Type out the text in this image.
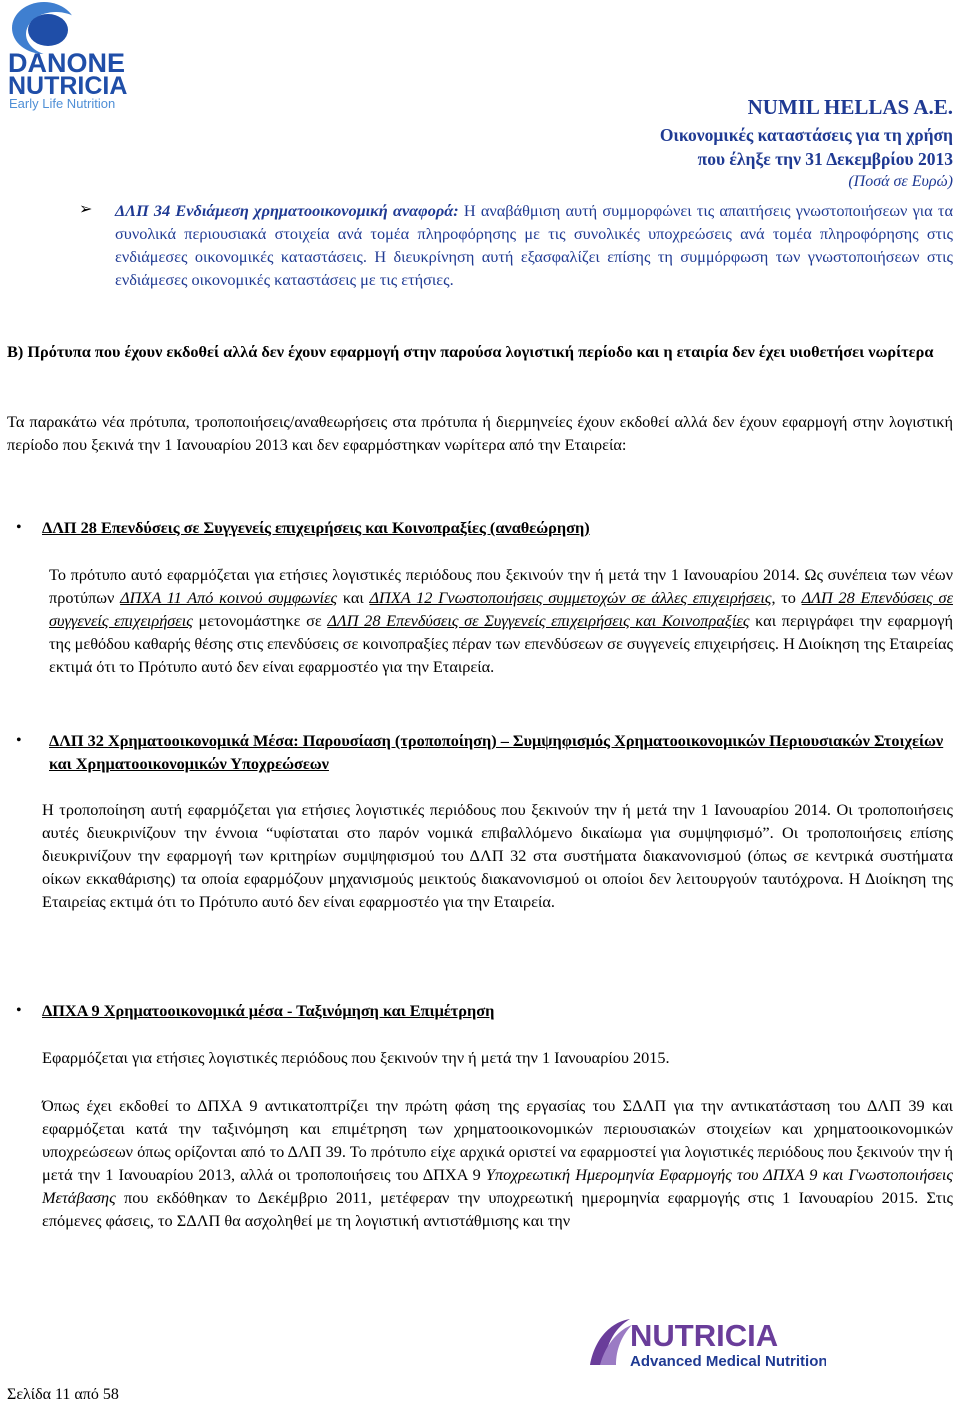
DANONE
NUTRICIA
Early Life Nutrition	NUMIL HELLAS A.E.
Οικονομικές καταστάσεις για τη χρήση
που έληξε την 31 Δεκεμβρίου 2013
(Ποσά σε Ευρώ)
➢ ΔΛΠ 34 Ενδιάμεση χρηματοοικονομική αναφορά: Η αναβάθμιση αυτή συμμορφώνει τις απαιτήσεις γνωστοποιήσεων για τα συνολικά περιουσιακά στοιχεία ανά τομέα πληροφόρησης με τις συνολικές υποχρεώσεις ανά τομέα πληροφόρησης στις ενδιάμεσες οικονομικές καταστάσεις. Η διευκρίνηση αυτή εξασφαλίζει επίσης τη συμμόρφωση των γνωστοποιήσεων στις ενδιάμεσες οικονομικές καταστάσεις με τις ετήσιες.
Β) Πρότυπα που έχουν εκδοθεί αλλά δεν έχουν εφαρμογή στην παρούσα λογιστική περίοδο και η εταιρία δεν έχει υιοθετήσει νωρίτερα
Τα παρακάτω νέα πρότυπα, τροποποιήσεις/αναθεωρήσεις στα πρότυπα ή διερμηνείες έχουν εκδοθεί αλλά δεν έχουν εφαρμογή στην λογιστική περίοδο που ξεκινά την 1 Ιανουαρίου 2013 και δεν εφαρμόστηκαν νωρίτερα από την Εταιρεία:
• ΔΛΠ 28 Επενδύσεις σε Συγγενείς επιχειρήσεις και Κοινοπραξίες (αναθεώρηση)
Το πρότυπο αυτό εφαρμόζεται για ετήσιες λογιστικές περιόδους που ξεκινούν την ή μετά την 1 Ιανουαρίου 2014. Ως συνέπεια των νέων προτύπων ΔΠΧΑ 11 Από κοινού συμφωνίες και ΔΠΧΑ 12 Γνωστοποιήσεις συμμετοχών σε άλλες επιχειρήσεις, το ΔΛΠ 28 Επενδύσεις σε συγγενείς επιχειρήσεις μετονομάστηκε σε ΔΛΠ 28 Επενδύσεις σε Συγγενείς επιχειρήσεις και Κοινοπραξίες και περιγράφει την εφαρμογή της μεθόδου καθαρής θέσης στις επενδύσεις σε κοινοπραξίες πέραν των επενδύσεων σε συγγενείς επιχειρήσεις. Η Διοίκηση της Εταιρείας εκτιμά ότι το Πρότυπο αυτό δεν είναι εφαρμοστέο για την Εταιρεία.
• ΔΛΠ 32 Χρηματοοικονομικά Μέσα: Παρουσίαση (τροποποίηση) – Συμψηφισμός Χρηματοοικονομικών Περιουσιακών Στοιχείων και Χρηματοοικονομικών Υποχρεώσεων
Η τροποποίηση αυτή εφαρμόζεται για ετήσιες λογιστικές περιόδους που ξεκινούν την ή μετά την 1 Ιανουαρίου 2014. Οι τροποποιήσεις αυτές διευκρινίζουν την έννοια “υφίσταται στο παρόν νομικά επιβαλλόμενο δικαίωμα για συμψηφισμό”. Οι τροποποιήσεις επίσης διευκρινίζουν την εφαρμογή των κριτηρίων συμψηφισμού του ΔΛΠ 32 στα συστήματα διακανονισμού (όπως σε κεντρικά συστήματα οίκων εκκαθάρισης) τα οποία εφαρμόζουν μηχανισμούς μεικτούς διακανονισμού οι οποίοι δεν λειτουργούν ταυτόχρονα. Η Διοίκηση της Εταιρείας εκτιμά ότι το Πρότυπο αυτό δεν είναι εφαρμοστέο για την Εταιρεία.
• ΔΠΧΑ 9 Χρηματοοικονομικά μέσα - Ταξινόμηση και Επιμέτρηση
Εφαρμόζεται για ετήσιες λογιστικές περιόδους που ξεκινούν την ή μετά την 1 Ιανουαρίου 2015.
Όπως έχει εκδοθεί το ΔΠΧΑ 9 αντικατοπτρίζει την πρώτη φάση της εργασίας του ΣΔΛΠ για την αντικατάσταση του ΔΛΠ 39 και εφαρμόζεται κατά την ταξινόμηση και επιμέτρηση των χρηματοοικονομικών περιουσιακών στοιχείων και χρηματοοικονομικών υποχρεώσεων όπως ορίζονται από το ΔΛΠ 39. Το πρότυπο είχε αρχικά οριστεί να εφαρμοστεί για λογιστικές περιόδους που ξεκινούν την ή μετά την 1 Ιανουαρίου 2013, αλλά οι τροποποιήσεις του ΔΠΧΑ 9 Υποχρεωτική Ημερομηνία Εφαρμογής του ΔΠΧΑ 9 και Γνωστοποιήσεις Μετάβασης που εκδόθηκαν το Δεκέμβριο 2011, μετέφεραν την υποχρεωτική ημερομηνία εφαρμογής στις 1 Ιανουαρίου 2015. Στις επόμενες φάσεις, το ΣΔΛΠ θα ασχοληθεί με τη λογιστική αντιστάθμισης και την
NUTRICIA
Advanced Medical Nutrition
Σελίδα 11 από 58
